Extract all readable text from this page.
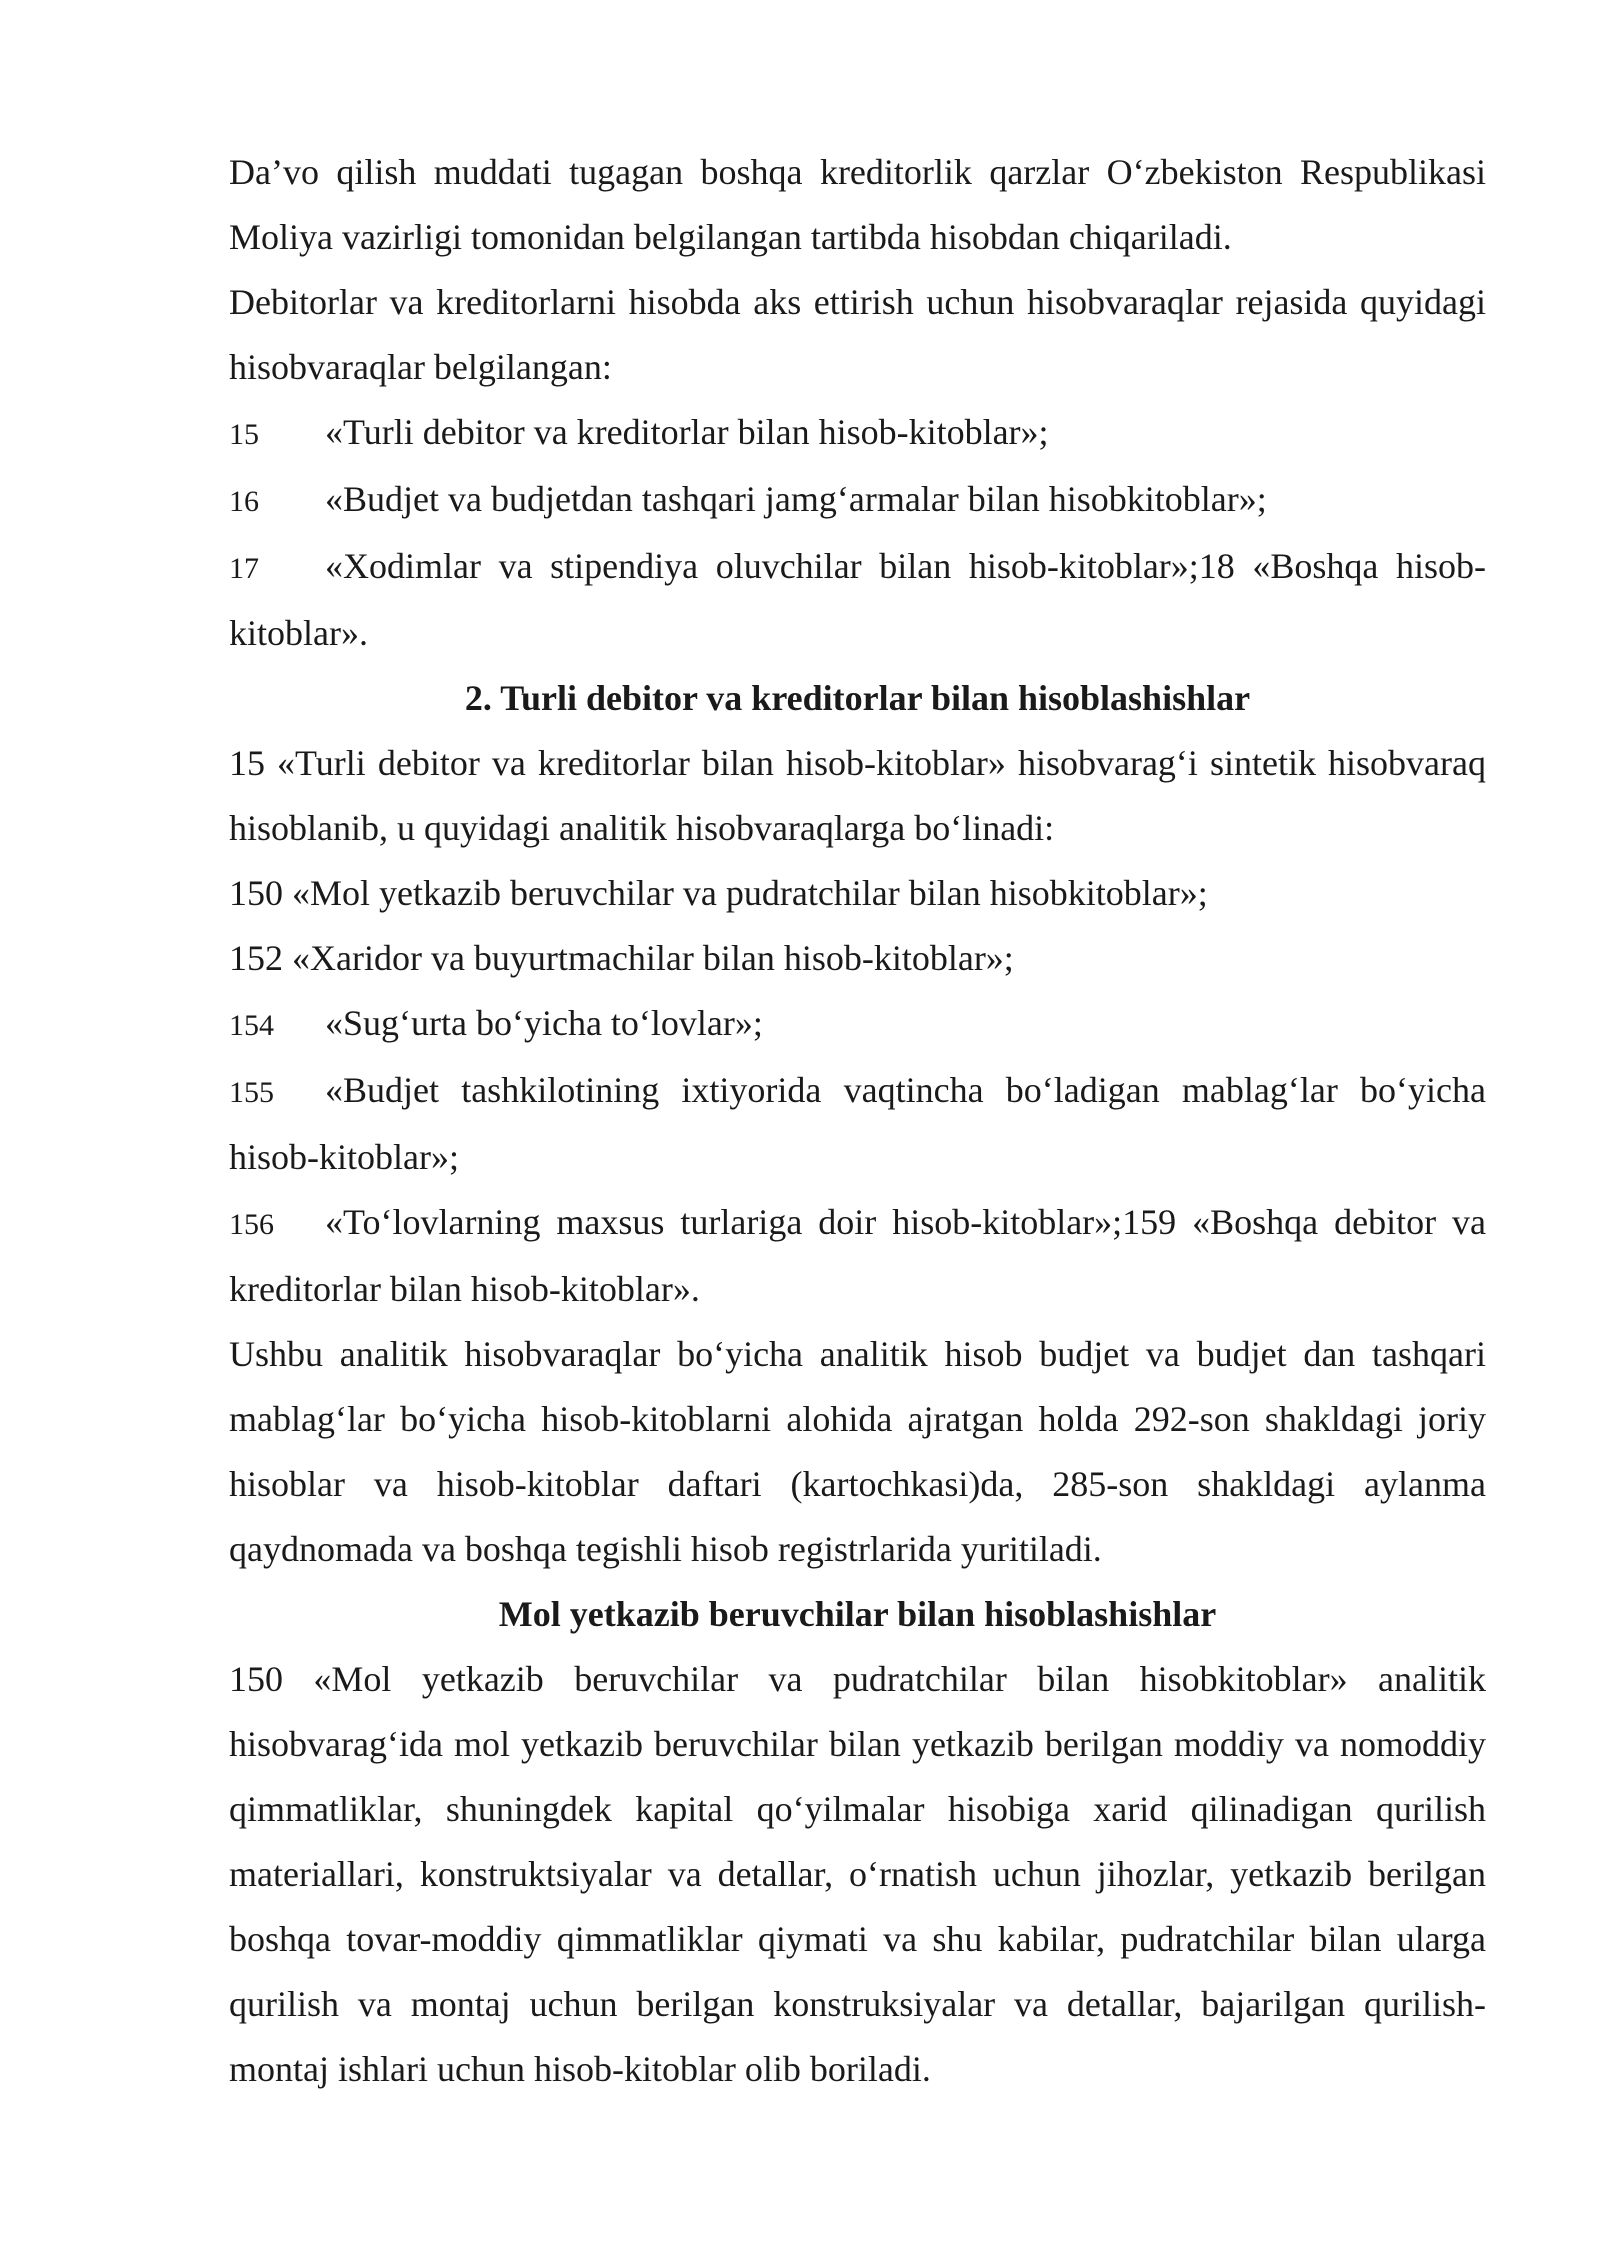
Da’vo qilish muddati tugagan boshqa kreditorlik qarzlar O‘zbekiston Respublikasi Moliya vazirligi tomonidan belgilangan tartibda hisobdan chiqariladi.

Debitorlar va kreditorlarni hisobda aks ettirish uchun hisobvaraqlar rejasida quyidagi hisobvaraqlar belgilangan:

15 «Turli debitor va kreditorlar bilan hisob-kitoblar»;

16 «Budjet va budjetdan tashqari jamg‘armalar bilan hisobkitoblar»;

17 «Xodimlar va stipendiya oluvchilar bilan hisob-kitoblar»;18 «Boshqa hisob-kitoblar».

2. Turli debitor va kreditorlar bilan hisoblashishlar

15 «Turli debitor va kreditorlar bilan hisob-kitoblar» hisobvarag‘i sintetik hisobvaraq hisoblanib, u quyidagi analitik hisobvaraqlarga bo‘linadi:

150 «Mol yetkazib beruvchilar va pudratchilar bilan hisobkitoblar»;

152 «Xaridor va buyurtmachilar bilan hisob-kitoblar»;

154 «Sug‘urta bo‘yicha to‘lovlar»;

155 «Budjet tashkilotining ixtiyorida vaqtincha bo‘ladigan mablag‘lar bo‘yicha hisob-kitoblar»;

156 «To‘lovlarning maxsus turlariga doir hisob-kitoblar»;159 «Boshqa debitor va kreditorlar bilan hisob-kitoblar».

Ushbu analitik hisobvaraqlar bo‘yicha analitik hisob budjet va budjet dan tashqari mablag‘lar bo‘yicha hisob-kitoblarni alohida ajratgan holda 292-son shakldagi joriy hisoblar va hisob-kitoblar daftari (kartochkasi)da, 285-son shakldagi aylanma qaydnomada va boshqa tegishli hisob registrlarida yuritiladi.

Mol yetkazib beruvchilar bilan hisoblashishlar

150 «Mol yetkazib beruvchilar va pudratchilar bilan hisobkitoblar» analitik hisobvarag‘ida mol yetkazib beruvchilar bilan yetkazib berilgan moddiy va nomoddiy qimmatliklar, shuningdek kapital qo‘yilmalar hisobiga xarid qilinadigan qurilish materiallari, konstruktsiyalar va detallar, o‘rnatish uchun jihozlar, yetkazib berilgan boshqa tovar-moddiy qimmatliklar qiymati va shu kabilar, pudratchilar bilan ularga qurilish va montaj uchun berilgan konstruksiyalar va detallar, bajarilgan qurilish-montaj ishlari uchun hisob-kitoblar olib boriladi.
